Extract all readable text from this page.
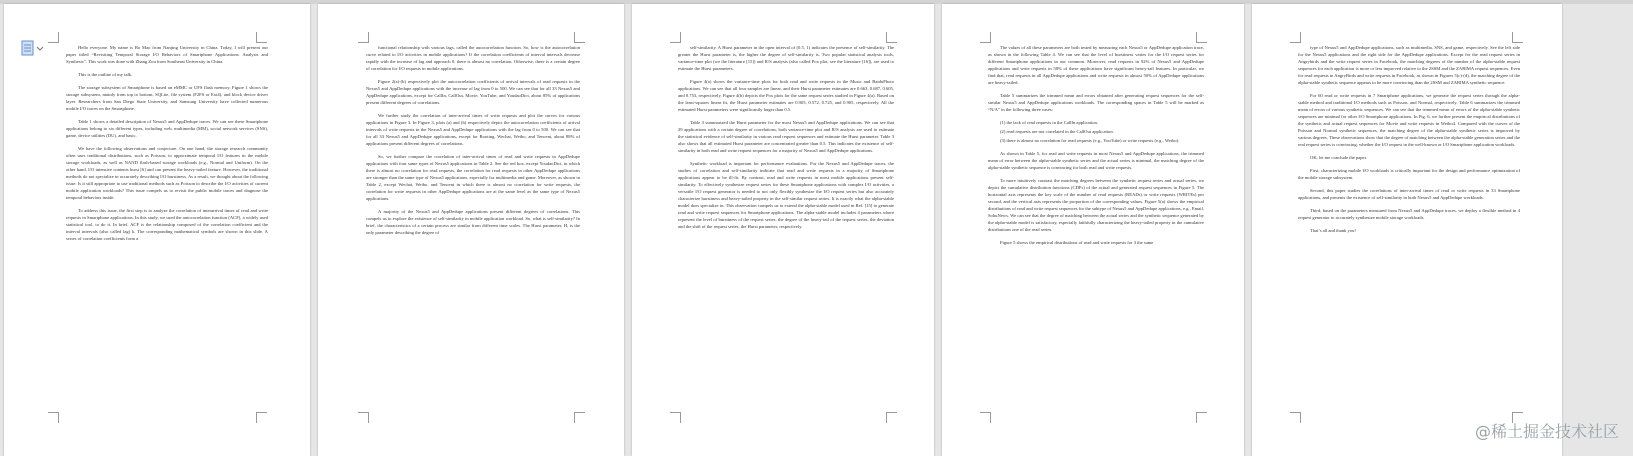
Hello everyone. My name is Bo Mao from Nanjing University in China. Today, I will present our paper titled “Revisiting Temporal Storage I/O Behaviors of Smartphone Applications: Analysis and Synthesis”. This work was done with Zhang Zou from Southeast University in China.

This is the outline of my talk.

The storage subsystem of Smartphone is based on eMMC or UFS flash memory. Figure 1 shows the storage subsystem, mainly from top to bottom, SQLite, file system (F2FS or Ext4), and block device driver layer. Researchers from San Diego State University, and Samsung University have collected numerous mobile I/O traces on the Smartphone.

Table 1 shows a detailed description of Nexus5 and AppDedupe traces. We can see these Smartphone applications belong to six different types, including web, multimedia (MM), social network services (SNS), game, device utilities (DU), and basic.

We have the following observations and conjecture. On one hand, the storage research community often uses traditional distributions, such as Poisson, to approximate temporal I/O features in the mobile storage workloads, as well as NAND flash-based storage workloads (e.g., Normal and Uniform). On the other hand, I/O intensive contents burst [6] and can present the heavy-tailed feature. However, the traditional methods do not specialize in accurately describing I/O burstiness. As a result, we thought about the following issue: Is it still appropriate to use traditional methods such as Poisson to describe the I/O activities of current mobile application workloads? This issue compels us to revisit the public mobile traces and diagnose the temporal behaviors inside.

To address this issue, the first step is to analyze the correlation of interarrival times of read and write requests in Smartphone applications. In this study, we used the autocorrelation function (ACF), a widely used statistical tool, to do it. In brief, ACF is the relationship composed of the correlation coefficient and the interval intervals (also called lag) k. The corresponding mathematical symbols are shown in this slide. A series of correlation coefficients form a

functional relationship with various lags, called the autocorrelation function. So, how is the autocorrelation curve related to I/O activities in mobile applications? If the correlation coefficients of interval intervals decrease rapidly with the increase of lag and approach 0, there is almost no correlation. Otherwise, there is a certain degree of correlation for I/O requests in mobile applications.

Figure 2(a)-(b) respectively plot the autocorrelation coefficients of arrival intervals of read requests in the Nexus5 and AppDedupe applications with the increase of lag from 0 to 500. We can see that for all 33 Nexus5 and AppDedupe applications, except for CallIn, CallOut, Movie, YouTube, and YoudaoDict, about 85% of applications present different degrees of correlations.

We further study the correlation of inter-arrival times of write requests and plot the curves for various applications in Figure 3. In Figure 3, plots (a) and (b) respectively depict the autocorrelation coefficients of arrival intervals of write requests in the Nexus5 and AppDedupe applications with the lag from 0 to 500. We can see that for all 33 Nexus5 and AppDedupe applications, except for Booting, Wechat, Weibo, and Tencent, about 88% of applications present different degrees of correlations.

So, we further compare the correlation of inter-arrival times of read and write requests in AppDedupe applications with four same types of Nexus5 applications in Table 2. See the red box, except YoudaoDict, in which there is almost no correlation for read requests, the correlation for read requests in other AppDedupe applications are stronger than the same type of Nexus5 applications, especially for multimedia and game. Moreover, as shown in Table 2, except Wechat, Weibo, and Tencent in which there is almost no correlation for write requests, the correlation for write requests in other AppDedupe applications are at the same level as the same type of Nexus5 applications.

A majority of the Nexus5 and AppDedupe applications present different degrees of correlations. This compels us to explore the existence of self-similarity in mobile application workload. So, what is self-similarity? In brief, the characteristics of a certain process are similar from different time scales. The Hurst parameter, H, is the only parameter describing the degree of

self-similarity. A Hurst parameter in the open interval of (0.5, 1) indicates the presence of self-similarity. The greater the Hurst parameter is, the higher the degree of self-similarity is. Two popular statistical analysis tools, variance-time plot (we the literature [15]) and R/S analysis (also called Pox plot, see the literature [16]), are used to estimate the Hurst parameters.

Figure 4(a) shows the variance-time plots for both read and write requests in the Music and BaiduPhoto applications. We can see that all four samples are linear, and their Hurst parameter estimates are 0.663, 0.687, 0.605, and 0.753, respectively. Figure 4(b) depicts the Pox plots for the same request series studied in Figure 4(a). Based on the least-squares linear fit, the Hurst parameter estimates are 0.905, 0.572, 0.725, and 0.905, respectively. All the estimated Hurst parameters were significantly larger than 0.5.

Table 3 summarized the Hurst parameter for the most Nexus5 and AppDedupe applications. We can see that 29 applications with a certain degree of correlations, both variance-time plot and R/S analysis are used to estimate the statistical evidence of self-similarity in various read request sequences and estimate the Hurst parameter. Table 3 also shows that all estimated Hurst parameter are concentrated greater than 0.5. This indicates the existence of self-similarity in both read and write request sequences for a majority of Nexus5 and AppDedupe applications.

Synthetic workload is important for performance evaluations. For the Nexus5 and AppDedupe traces, the studies of correlation and self-similarity indicate that read and write requests in a majority of Smartphone applications appear to be ill-fit. By contrast, read and write requests in most mobile applications present self-similarity. To effectively synthesize request series for these Smartphone applications with complex I/O activities, a versatile I/O request generator is needed to not only flexibly synthesize the I/O request series but also accurately characterize burstiness and heavy-tailed property in the self-similar request series. It is exactly what the alpha-stable model does specialize in. This observation compels us to extend the alpha-stable model used in Ref. [15] to generate read and write request sequences for Smartphone applications. The alpha-stable model includes 4 parameters where represent the level of burstiness of the request series, the degree of the heavy-tail of the request series, the deviation and the shift of the request series, the Hurst parameter, respectively.

The values of all these parameters are both tested by measuring each Nexus5 or AppDedupe application trace, as shown in the following Table 4. We can see that the level of burstiness varies for the I/O request series for different Smartphone applications in our common. Moreover, read requests in 92% of Nexus5 and AppDedupe applications and write requests in 58% of these applications have significant heavy-tail features. In particular, we find that, read requests in all AppDedupe applications and write requests in almost 50% of AppDedupe applications are heavy-tailed.

Table 5 summarizes the trimmed mean and errors obtained after generating request sequences for the self-similar Nexus5 and AppDedupe applications workloads. The corresponding spaces in Table 5 will be marked as “N/A” in the following three cases:

(1) the lack of read requests in the CallIn application.

(2) read requests are not correlated in the CallOut application.

(3) there is almost no correlation for read requests (e.g., YouTube) or write requests (e.g., Weibo).

As shown in Table 5, for read and write requests in most Nexus5 and AppDedupe applications, the trimmed mean of error between the alpha-stable synthetic series and the actual series is minimal, the matching degree of the alpha-stable synthetic sequence is convincing for both read and write requests.

To more intuitively contrast the matching degrees between the synthetic request series and actual series, we depict the cumulative distribution functions (CDFs) of the actual and generated request sequences in Figure 5. The horizontal axis represents the key scale of the number of read requests (READs) or write requests (WRITEs) per second, and the vertical axis represents the proportion of the corresponding values. Figure 5(a) shows the empirical distributions of read and write request sequences for the subtype of Nexus5 and AppDedupe applications, e.g., Email, SohuNews. We can see that the degree of matching between the actual series and the synthetic sequence generated by the alpha-stable model is satisfactory, especially faithfully characterizing the heavy-tailed property in the cumulative distributions one of the read series.

Figure 5 shows the empirical distributions of read and write requests for 3 the same

type of Nexus5 and AppDedupe applications, such as multimedia, SNS, and game, respectively. See the left side for the Nexus5 applications and the right side for the AppDedupe applications. Except for the read request series in Angrybirds and the write request series in Facebook, the matching degrees of the number of the alpha-stable request sequences for each application is more or less improved relative to the 2SSM and the ZARIMA request sequences. Even for read requests in AngryBirds and write requests in Facebook, as shown in Figures 5(c)-(d), the matching degree of the alpha-stable synthetic sequence appears to be more convincing than the 2SSM and ZARIMA synthetic sequence.

For 60 read or write requests in 7 Smartphone applications, we generate the request series through the alpha-stable method and traditional I/O methods such as Poisson, and Normal, respectively. Table 6 summarizes the trimmed mean of errors of various synthetic sequences. We can see that the trimmed mean of errors of the alpha-stable synthetic sequences are minimal for other I/O Smartphone applications. In Fig. 6, we further present the empirical distributions of the synthetic and actual request sequences for Movie and write requests in Weibo4. Compared with the curves of the Poisson and Normal synthetic sequences, the matching degree of the alpha-stable synthetic series is improved by various degrees. These observations show that the degree of matching between the alpha-stable generation series and the real request series is convincing, whether the I/O request in the well-known or I/O Smartphone application workloads.

OK, let me conclude the paper.

First, characterizing mobile I/O workloads is critically important for the design and performance optimization of the mobile storage subsystem.

Second, this paper studies the correlations of inter-arrival times of read or write requests in 33 Smartphone applications, and presents the existence of self-similarity in both Nexus5 and AppDedupe workloads.

Third, based on the parameters measured from Nexus5 and AppDedupe traces, we deploy a flexible method in 4 request generator to accurately synthesize mobile storage workloads.

That’s all and thank you!

@稀土掘金技术社区
